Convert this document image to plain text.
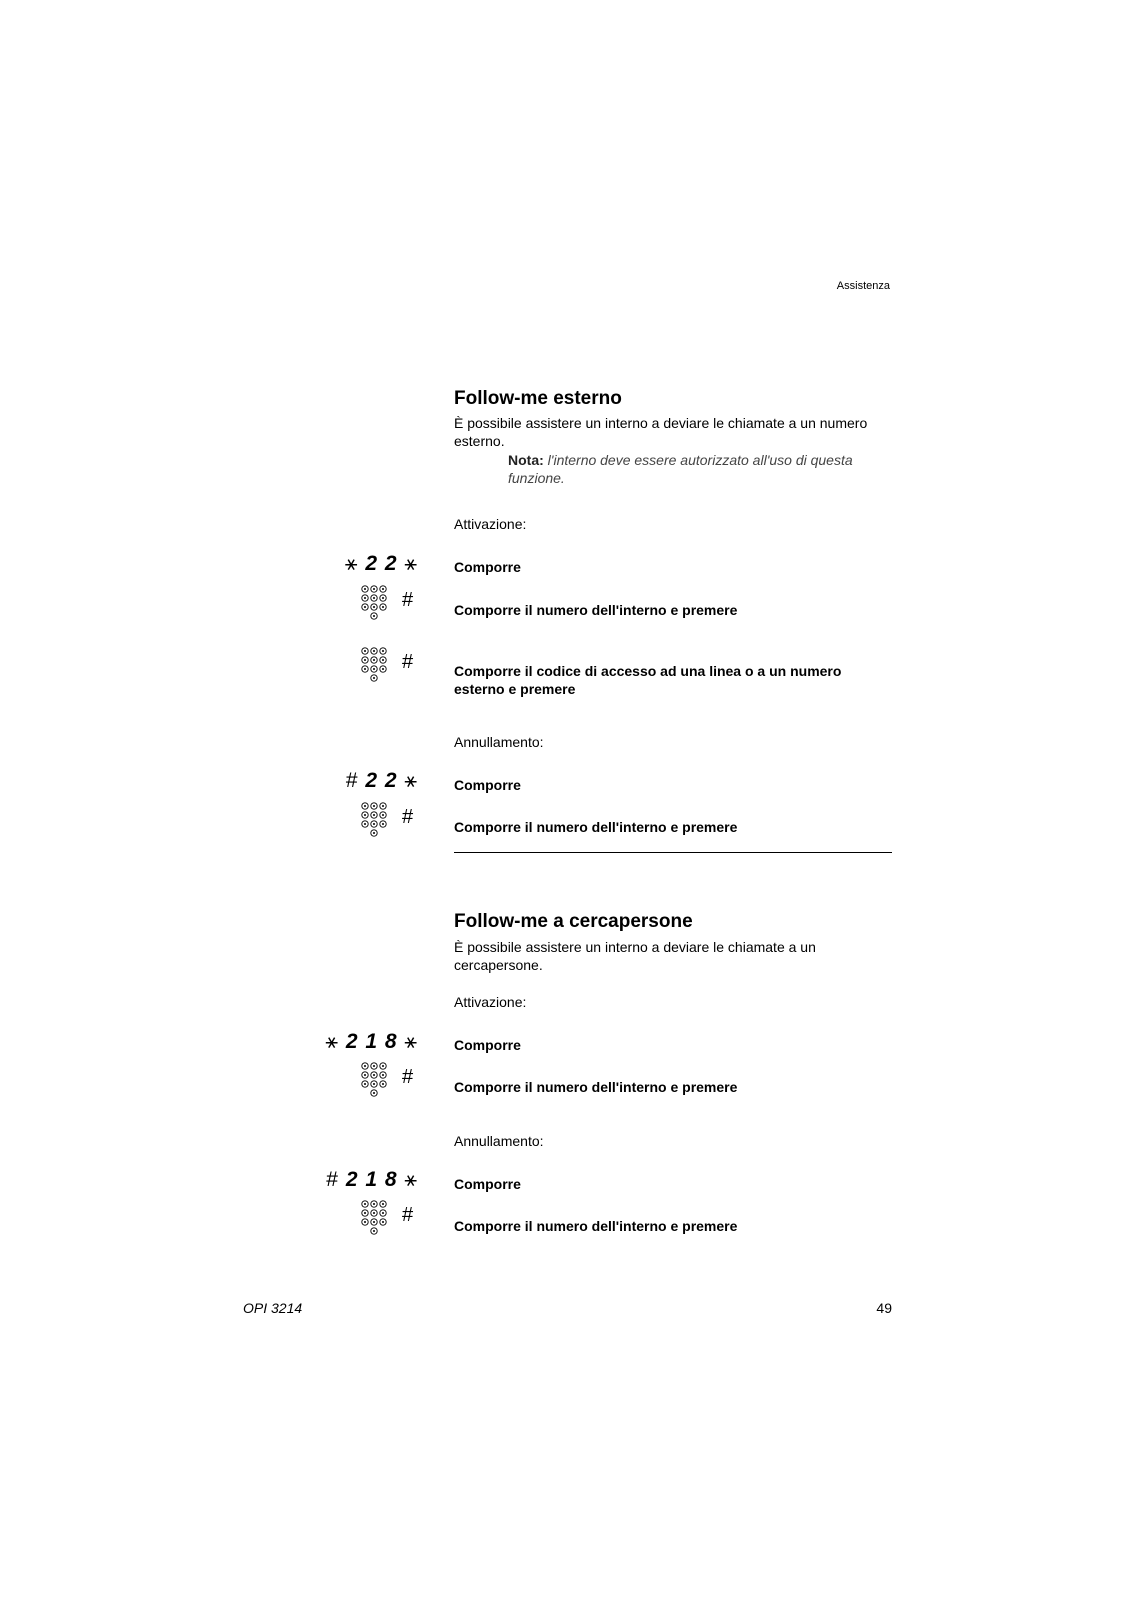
Assistenza
Follow-me esterno
È possibile assistere un interno a deviare le chiamate a un numero esterno.
Nota: l'interno deve essere autorizzato all'uso di questa funzione.
Attivazione:
⚹ 2 2 ⚹	Comporre
#	Comporre il numero dell'interno e premere
#	Comporre il codice di accesso ad una linea o a un numero esterno e premere
Annullamento:
# 2 2 ⚹	Comporre
#	Comporre il numero dell'interno e premere
Follow-me a cercapersone
È possibile assistere un interno a deviare le chiamate a un cercapersone.
Attivazione:
⚹ 2 1 8 ⚹	Comporre
#	Comporre il numero dell'interno e premere
Annullamento:
# 2 1 8 ⚹	Comporre
#	Comporre il numero dell'interno e premere
OPI 3214	49
